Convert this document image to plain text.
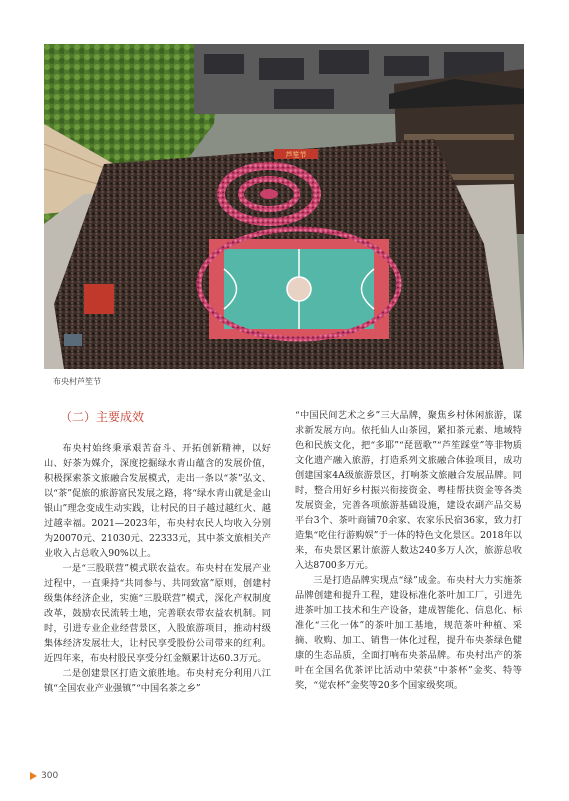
芦笙节
布央村芦笙节
（二）主要成效

布央村始终秉承艰苦奋斗、开拓创新精神，以好山、好茶为媒介，深度挖掘绿水青山蕴含的发展价值，积极探索茶文旅融合发展模式，走出一条以“茶”弘文、以“茶”促旅的旅游富民发展之路，将“绿水青山就是金山银山”理念变成生动实践，让村民的日子越过越红火、越过越幸福。2021—2023年，布央村农民人均收入分别为20070元、21030元、22333元，其中茶文旅相关产业收入占总收入90%以上。

一是“三股联营”模式联农益农。布央村在发展产业过程中，一直秉持“共同参与、共同致富”原则，创建村级集体经济企业，实施“三股联营”模式，深化产权制度改革，鼓励农民流转土地，完善联农带农益农机制。同时，引进专业企业经营景区，入股旅游项目，推动村级集体经济发展壮大，让村民享受股份公司带来的红利。近四年来，布央村股民享受分红金额累计达60.3万元。

二是创建景区打造文旅胜地。布央村充分利用八江镇“全国农业产业强镇”“中国名茶之乡”

“中国民间艺术之乡”三大品牌，聚焦乡村休闲旅游，谋求新发展方向。依托仙人山茶园，紧扣茶元素、地域特色和民族文化，把“多耶”“琵琶歌”“芦笙踩堂”等非物质文化遗产融入旅游，打造系列文旅融合体验项目，成功创建国家4A级旅游景区，打响茶文旅融合发展品牌。同时，整合用好乡村振兴衔接资金、粤桂帮扶资金等各类发展资金，完善各项旅游基础设施，建设农副产品交易平台3个、茶叶商铺70余家、农家乐民宿36家，致力打造集“吃住行游购娱”于一体的特色文化景区。2018年以来，布央景区累计旅游人数达240多万人次，旅游总收入达8700多万元。

三是打造品牌实现点“绿”成金。布央村大力实施茶品牌创建和提升工程，建设标准化茶叶加工厂，引进先进茶叶加工技术和生产设备，建成智能化、信息化、标准化“三化一体”的茶叶加工基地，规范茶叶种植、采摘、收购、加工、销售一体化过程，提升布央茶绿色健康的生态品质，全面打响布央茶品牌。布央村出产的茶叶在全国名优茶评比活动中荣获“中茶杯”金奖、特等奖，“觉农杯”金奖等20多个国家级奖项。

300
